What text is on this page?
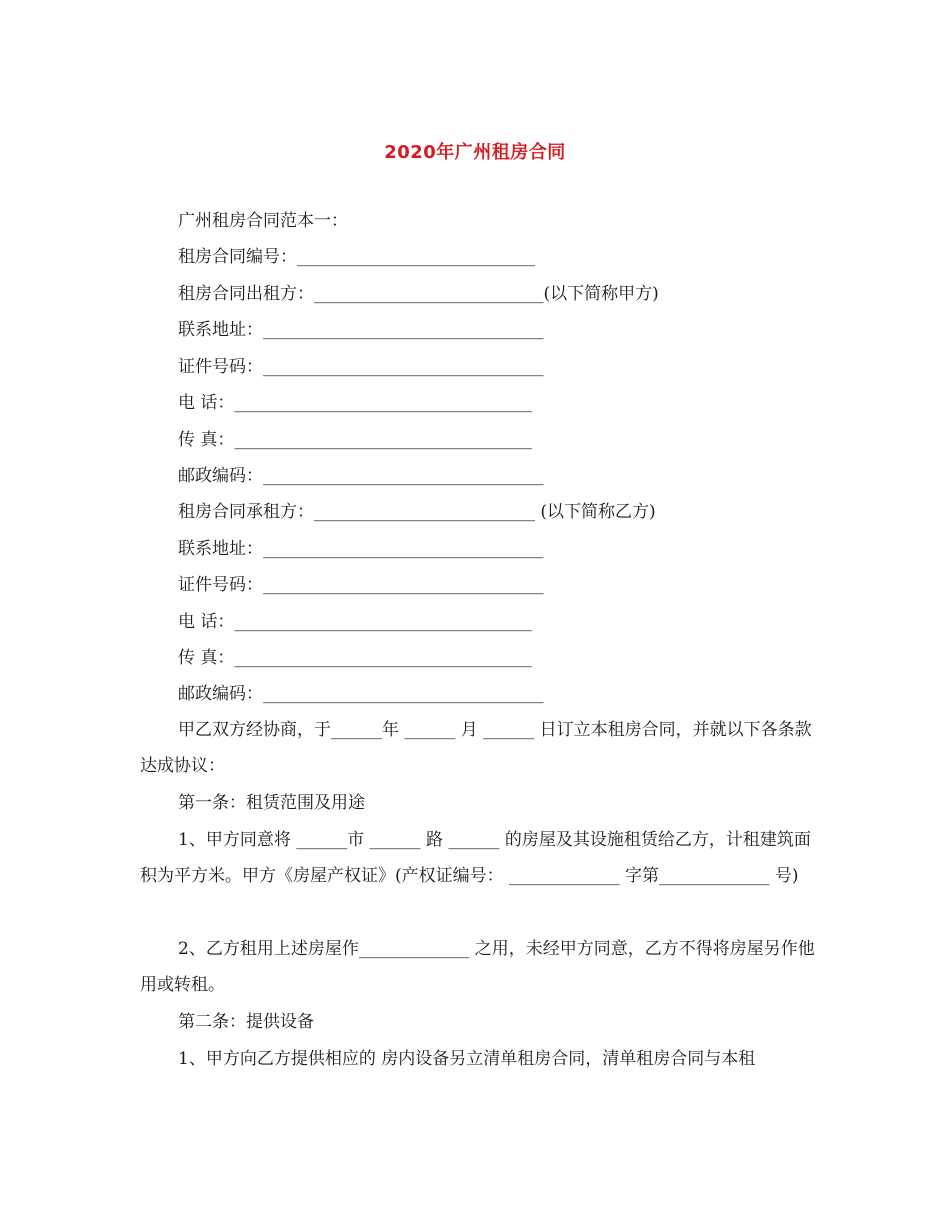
2020年广州租房合同
广州租房合同范本一：
租房合同编号：____________________________
租房合同出租方：___________________________(以下简称甲方)
联系地址：_________________________________
证件号码：_________________________________
电 话：___________________________________
传 真：___________________________________
邮政编码：_________________________________
租房合同承租方：__________________________ (以下简称乙方)
联系地址：_________________________________
证件号码：_________________________________
电 话：___________________________________
传 真：___________________________________
邮政编码：_________________________________
甲乙双方经协商，于______年 ______ 月 ______ 日订立本租房合同，并就以下各条款达成协议：
第一条：租赁范围及用途
1、甲方同意将 ______市 ______ 路 ______ 的房屋及其设施租赁给乙方，计租建筑面积为平方米。甲方《房屋产权证》(产权证编号： _____________ 字第_____________ 号)
2、乙方租用上述房屋作_____________ 之用，未经甲方同意，乙方不得将房屋另作他用或转租。
第二条：提供设备
1、甲方向乙方提供相应的 房内设备另立清单租房合同，清单租房合同与本租
